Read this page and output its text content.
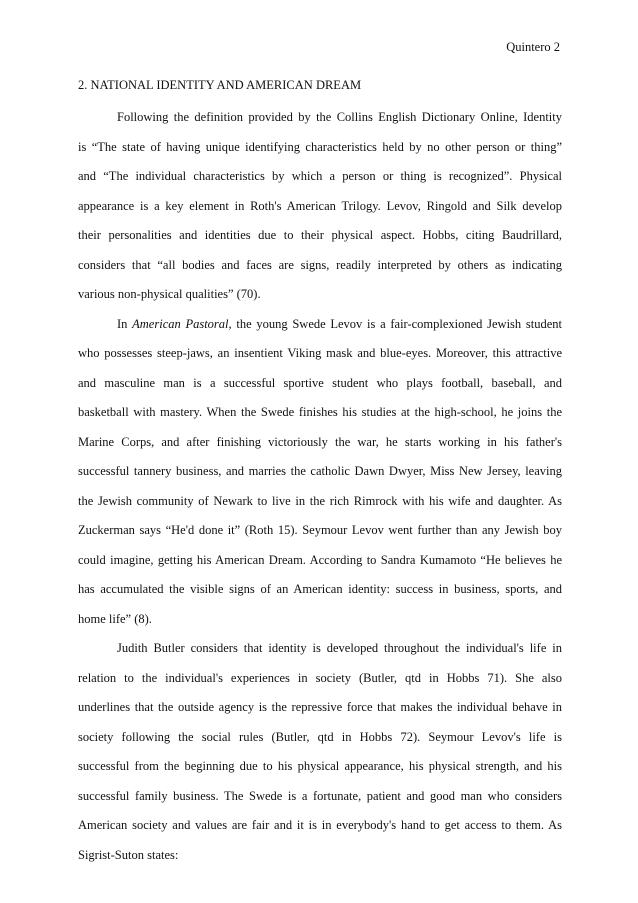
Quintero 2
2. NATIONAL IDENTITY AND AMERICAN DREAM
Following the definition provided by the Collins English Dictionary Online, Identity
is “The state of having unique identifying characteristics held by no other person or thing”
and “The individual characteristics by which a person or thing is recognized”. Physical
appearance is a key element in Roth's American Trilogy. Levov, Ringold and Silk develop
their personalities and identities due to their physical aspect. Hobbs, citing Baudrillard,
considers that “all bodies and faces are signs, readily interpreted by others as indicating
various non-physical qualities” (70).
In American Pastoral, the young Swede Levov is a fair-complexioned Jewish student
who possesses steep-jaws, an insentient Viking mask and blue-eyes. Moreover, this attractive
and masculine man is a successful sportive student who plays football, baseball, and
basketball with mastery. When the Swede finishes his studies at the high-school, he joins the
Marine Corps, and after finishing victoriously the war, he starts working in his father's
successful tannery business, and marries the catholic Dawn Dwyer, Miss New Jersey, leaving
the Jewish community of Newark to live in the rich Rimrock with his wife and daughter. As
Zuckerman says “He'd done it” (Roth 15). Seymour Levov went further than any Jewish boy
could imagine, getting his American Dream. According to Sandra Kumamoto “He believes he
has accumulated the visible signs of an American identity: success in business, sports, and
home life” (8).
Judith Butler considers that identity is developed throughout the individual's life in
relation to the individual's experiences in society (Butler, qtd in Hobbs 71). She also
underlines that the outside agency is the repressive force that makes the individual behave in
society following the social rules (Butler, qtd in Hobbs 72). Seymour Levov's life is
successful from the beginning due to his physical appearance, his physical strength, and his
successful family business. The Swede is a fortunate, patient and good man who considers
American society and values are fair and it is in everybody's hand to get access to them. As
Sigrist-Suton states:
